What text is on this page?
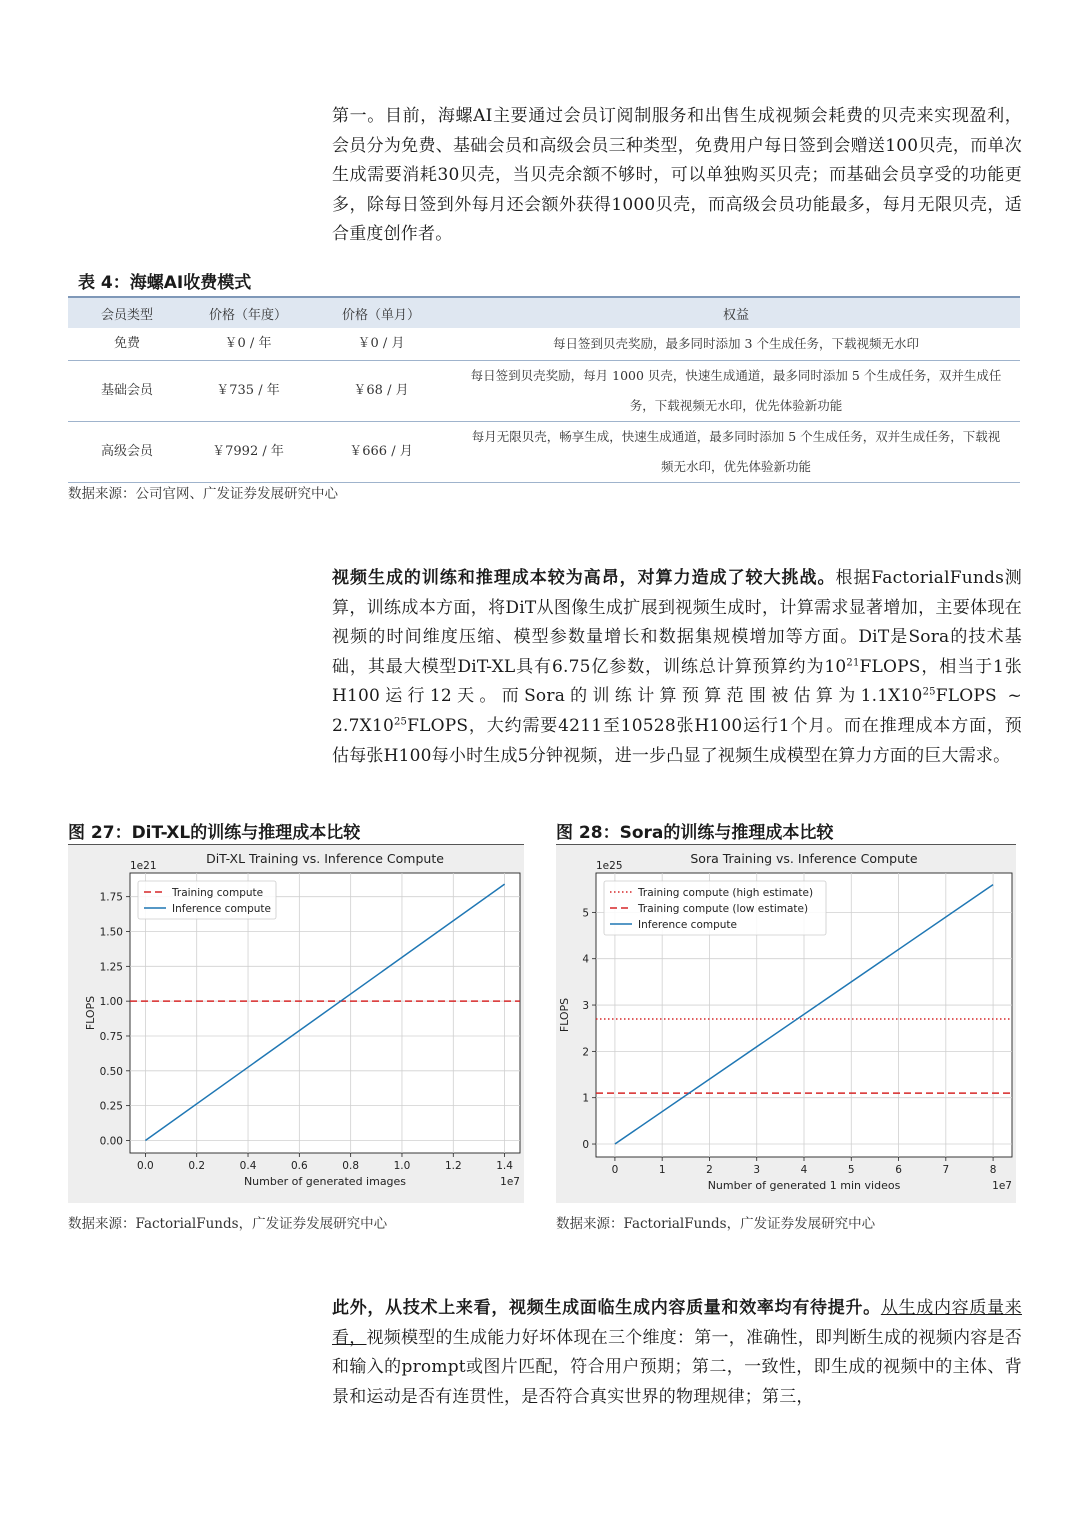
第一。目前，海螺AI主要通过会员订阅制服务和出售生成视频会耗费的贝壳来实现盈利，会员分为免费、基础会员和高级会员三种类型，免费用户每日签到会赠送100贝壳，而单次生成需要消耗30贝壳，当贝壳余额不够时，可以单独购买贝壳；而基础会员享受的功能更多，除每日签到外每月还会额外获得1000贝壳，而高级会员功能最多，每月无限贝壳，适合重度创作者。
表 4：海螺AI收费模式
会员类型	价格（年度）	价格（单月）	权益
免费	￥0 / 年	￥0 / 月	每日签到贝壳奖励，最多同时添加 3 个生成任务，下载视频无水印
基础会员	￥735 / 年	￥68 / 月	每日签到贝壳奖励，每月 1000 贝壳，快速生成通道，最多同时添加 5 个生成任务，双并生成任务，下载视频无水印，优先体验新功能
高级会员	￥7992 / 年	￥666 / 月	每月无限贝壳，畅享生成，快速生成通道，最多同时添加 5 个生成任务，双并生成任务，下载视频无水印，优先体验新功能
数据来源：公司官网、广发证券发展研究中心
视频生成的训练和推理成本较为高昂，对算力造成了较大挑战。根据FactorialFunds测算，训练成本方面，将DiT从图像生成扩展到视频生成时，计算需求显著增加，主要体现在视频的时间维度压缩、模型参数量增长和数据集规模增加等方面。DiT是Sora的技术基础，其最大模型DiT-XL具有6.75亿参数，训练总计算预算约为$10^{21}FLOPS$，相当于1张H100运行12天。而Sora的训练计算预算范围被估算为$1.1X10^{25}FLOPS$ ~ $2.7X10^{25}FLOPS$，大约需要4211至10528张H100运行1个月。而在推理成本方面，预估每张H100每小时生成5分钟视频，进一步凸显了视频生成模型在算力方面的巨大需求。
图 27：DiT-XL的训练与推理成本比较	图 28：Sora的训练与推理成本比较
0.0	0.2	0.4	0.6	0.8	1.0	1.2	1.4
0.00
0.25
0.50
0.75
1.00
1.25
1.50
1.75
DiT-XL Training vs. Inference Compute
Number of generated images
FLOPS
1e21
1e7
Training compute
Inference compute
0	1	2	3	4	5	6	7	8
0
1
2
3
4
5
Sora Training vs. Inference Compute
Number of generated 1 min videos
FLOPS
1e25
1e7
Training compute (high estimate)
Training compute (low estimate)
Inference compute
数据来源：FactorialFunds，广发证券发展研究中心	数据来源：FactorialFunds，广发证券发展研究中心
此外，从技术上来看，视频生成面临生成内容质量和效率均有待提升。从生成内容质量来看，视频模型的生成能力好坏体现在三个维度：第一，准确性，即判断生成的视频内容是否和输入的prompt或图片匹配，符合用户预期；第二，一致性，即生成的视频中的主体、背景和运动是否有连贯性，是否符合真实世界的物理规律；第三，
